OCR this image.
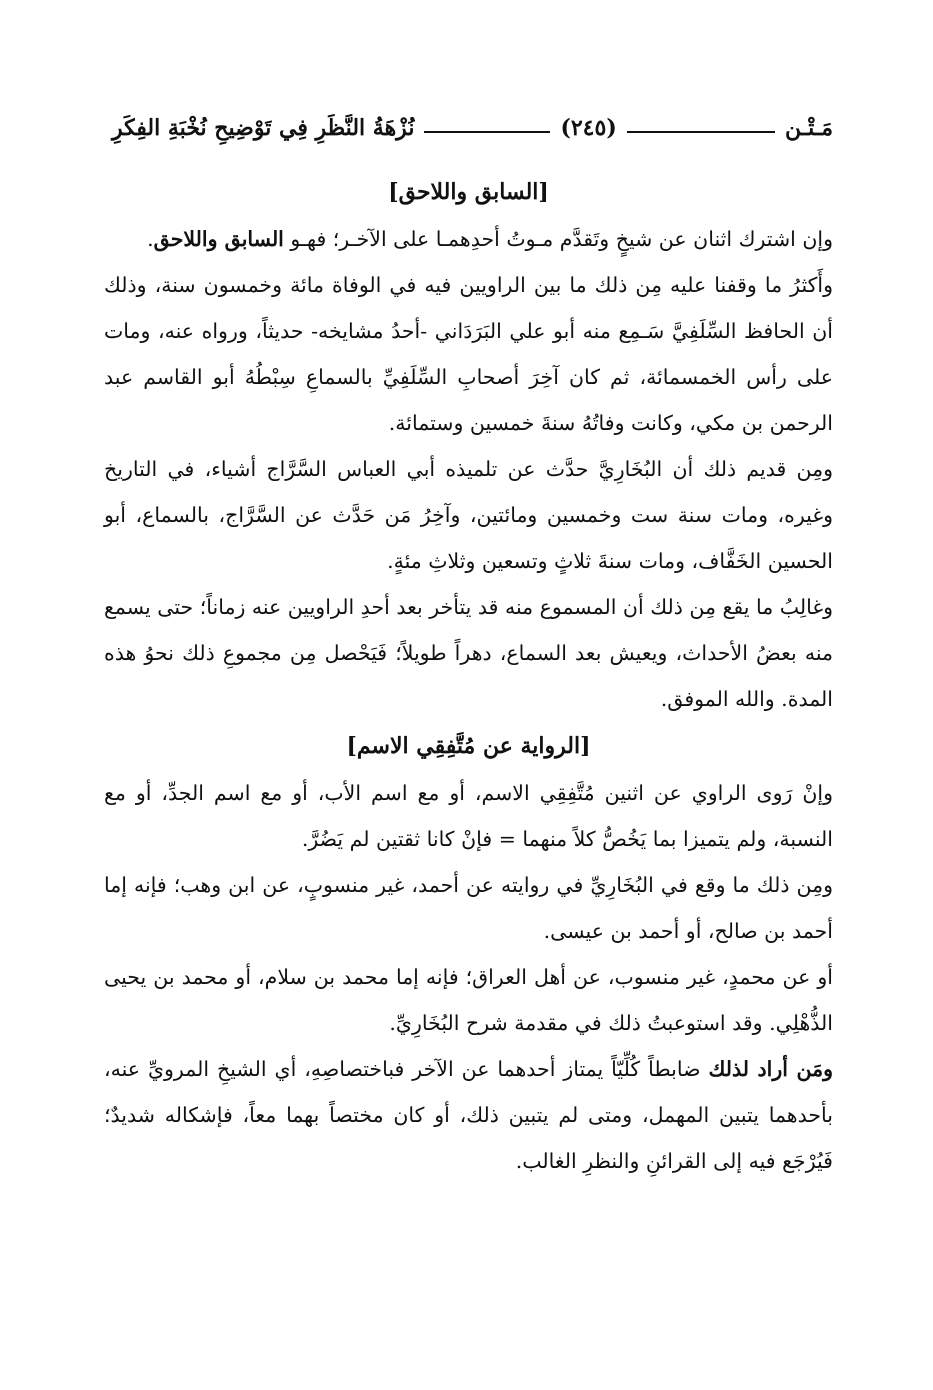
مَـتْـن
(٢٤٥)
نُزْهَةُ النَّظَرِ فِي تَوْضِيحِ نُخْبَةِ الفِكَرِ
[السابق واللاحق]

وإن اشترك اثنان عن شيخٍ وتَقدَّم مـوتُ أحدِهمـا على الآخـر؛ فهـو السابق واللاحق.

وأَكثرُ ما وقفنا عليه مِن ذلك ما بين الراويين فيه في الوفاة مائة وخمسون سنة، وذلك أن الحافظ السِّلَفِيَّ سَـمِع منه أبو علي البَرَدَاني -أحدُ مشايخه- حديثاً، ورواه عنه، ومات على رأس الخمسمائة، ثم كان آخِرَ أصحابِ السِّلَفِيِّ بالسماعِ سِبْطُهُ أبو القاسم عبد الرحمن بن مكي، وكانت وفاتُهُ سنةَ خمسين وستمائة.

ومِن قديم ذلك أن البُخَارِيَّ حدَّث عن تلميذه أبي العباس السَّرَّاج أشياء، في التاريخ وغيره، ومات سنة ست وخمسين ومائتين، وآخِرُ مَن حَدَّث عن السَّرَّاج، بالسماع، أبو الحسين الخَفَّاف، ومات سنةَ ثلاثٍ وتسعين وثلاثِ مئةٍ.

وغالِبُ ما يقع مِن ذلك أن المسموع منه قد يتأخر بعد أحدِ الراويين عنه زماناً؛ حتى يسمع منه بعضُ الأحداث، ويعيش بعد السماع، دهراً طويلاً؛ فَيَحْصل مِن مجموعِ ذلك نحوُ هذه المدة. والله الموفق.

[الرواية عن مُتَّفِقِي الاسم]

وإنْ رَوى الراوي عن اثنين مُتَّفِقِي الاسم، أو مع اسم الأب، أو مع اسم الجدِّ، أو مع النسبة، ولم يتميزا بما يَخُصُّ كلاً منهما = فإنْ كانا ثقتين لم يَضُرَّ.

ومِن ذلك ما وقع في البُخَارِيِّ في روايته عن أحمد، غير منسوبٍ، عن ابن وهب؛ فإنه إما أحمد بن صالح، أو أحمد بن عيسى.

أو عن محمدٍ، غير منسوب، عن أهل العراق؛ فإنه إما محمد بن سلام، أو محمد بن يحيى الذُّهْلِي. وقد استوعبتُ ذلك في مقدمة شرح البُخَارِيِّ.

ومَن أراد لذلك ضابطاً كُلِّيّاً يمتاز أحدهما عن الآخر فباختصاصِهِ، أي الشيخِ المرويِّ عنه، بأحدهما يتبين المهمل، ومتى لم يتبين ذلك، أو كان مختصاً بهما معاً، فإشكاله شديدٌ؛ فَيُرْجَع فيه إلى القرائنِ والنظرِ الغالب.
